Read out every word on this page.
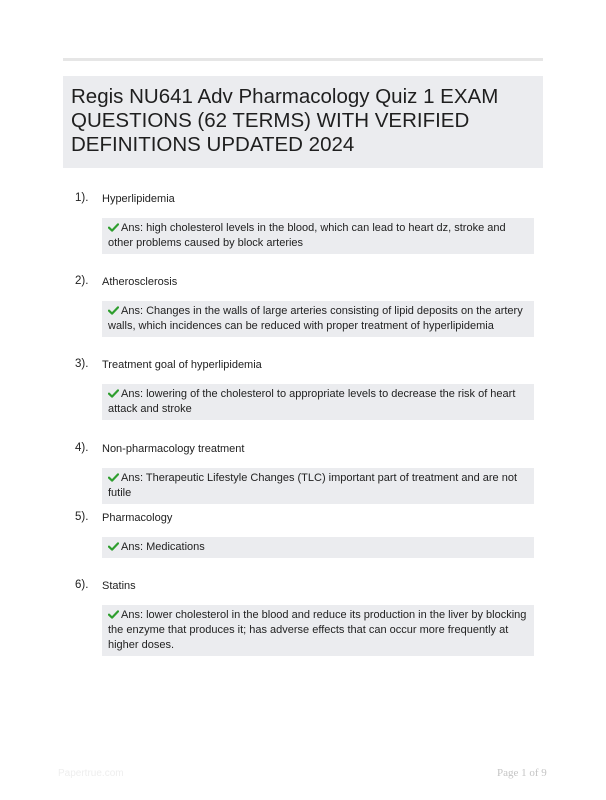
Regis NU641 Adv Pharmacology Quiz 1 EXAM QUESTIONS (62 TERMS) WITH VERIFIED DEFINITIONS UPDATED 2024
1). Hyperlipidemia
Ans: high cholesterol levels in the blood, which can lead to heart dz, stroke and other problems caused by block arteries
2). Atherosclerosis
Ans: Changes in the walls of large arteries consisting of lipid deposits on the artery walls, which incidences can be reduced with proper treatment of hyperlipidemia
3). Treatment goal of hyperlipidemia
Ans: lowering of the cholesterol to appropriate levels to decrease the risk of heart attack and stroke
4). Non-pharmacology treatment
Ans: Therapeutic Lifestyle Changes (TLC) important part of treatment and are not futile
5). Pharmacology
Ans: Medications
6). Statins
Ans: lower cholesterol in the blood and reduce its production in the liver by blocking the enzyme that produces it; has adverse effects that can occur more frequently at higher doses.
Papertrue.com	Page 1 of 9
